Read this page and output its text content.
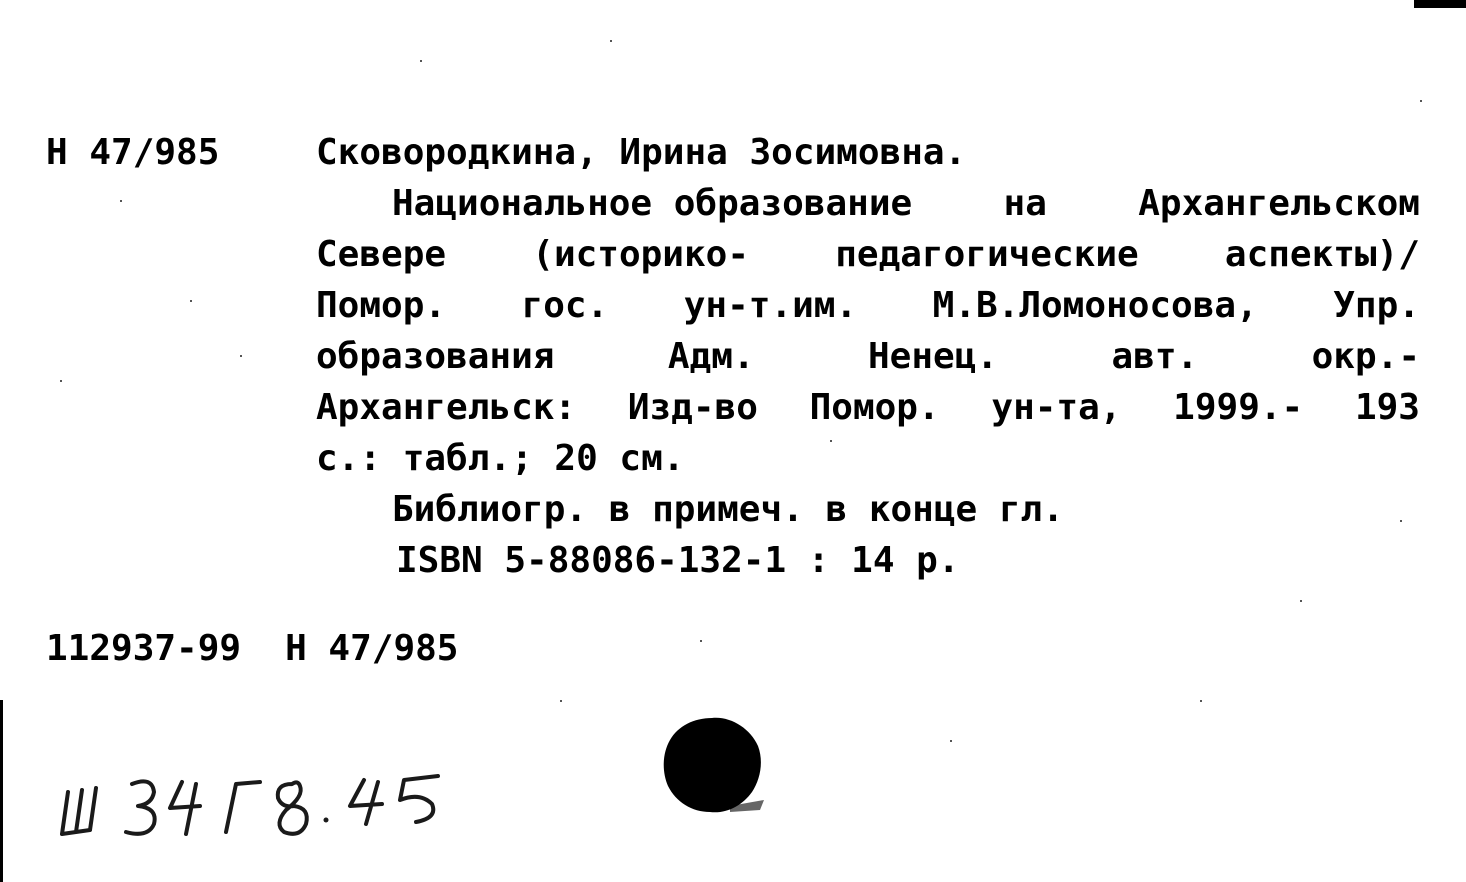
Н 47/985	Сковородкина, Ирина Зосимовна.
Национальное образование	на	Архангельском
Севере (историко- педагогические аспекты)/
Помор. гос. ун-т.им. М.В.Ломоносова, Упр.
образования	Адм.	Ненец.	авт.	окр.-
Архангельск: Изд-во Помор. ун-та, 1999.- 193
с.: табл.; 20 см.
Библиогр. в примеч. в конце гл.
ISBN 5-88086-132-1 : 14 р.
112937-99 Н 47/985
